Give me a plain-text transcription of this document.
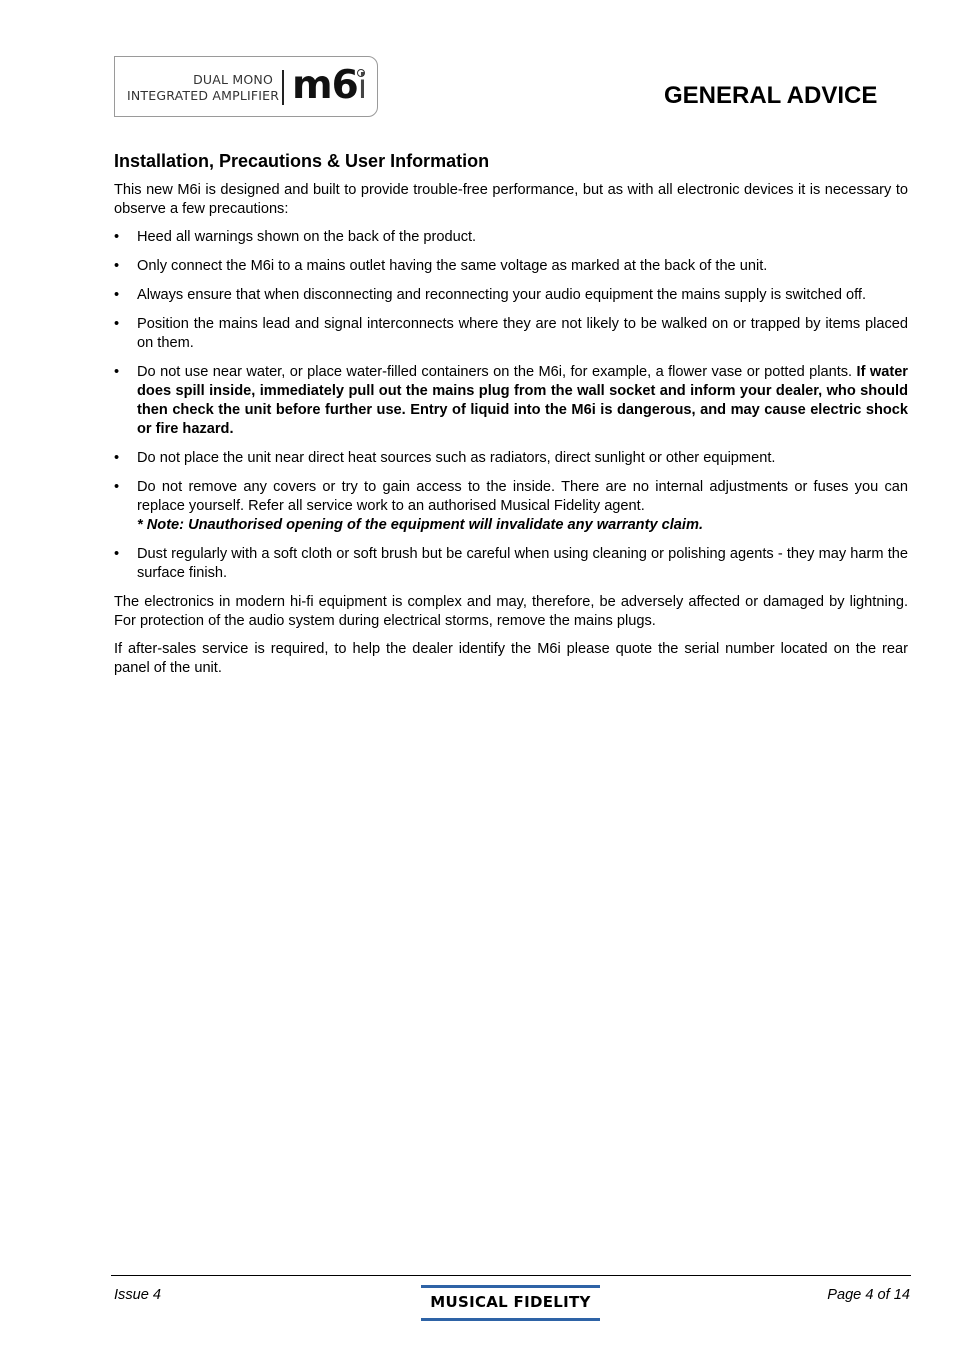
DUAL MONO
INTEGRATED AMPLIFIER m6i	GENERAL ADVICE
Installation, Precautions & User Information

This new M6i is designed and built to provide trouble-free performance, but as with all electronic devices it is necessary to observe a few precautions:

• Heed all warnings shown on the back of the product.
• Only connect the M6i to a mains outlet having the same voltage as marked at the back of the unit.
• Always ensure that when disconnecting and reconnecting your audio equipment the mains supply is switched off.
• Position the mains lead and signal interconnects where they are not likely to be walked on or trapped by items placed on them.
• Do not use near water, or place water-filled containers on the M6i, for example, a flower vase or potted plants. If water does spill inside, immediately pull out the mains plug from the wall socket and inform your dealer, who should then check the unit before further use. Entry of liquid into the M6i is dangerous, and may cause electric shock or fire hazard.
• Do not place the unit near direct heat sources such as radiators, direct sunlight or other equipment.
• Do not remove any covers or try to gain access to the inside. There are no internal adjustments or fuses you can replace yourself. Refer all service work to an authorised Musical Fidelity agent.
* Note: Unauthorised opening of the equipment will invalidate any warranty claim.
• Dust regularly with a soft cloth or soft brush but be careful when using cleaning or polishing agents - they may harm the surface finish.

The electronics in modern hi-fi equipment is complex and may, therefore, be adversely affected or damaged by lightning. For protection of the audio system during electrical storms, remove the mains plugs.

If after-sales service is required, to help the dealer identify the M6i please quote the serial number located on the rear panel of the unit.

Issue 4	MUSICAL FIDELITY	Page 4 of 14
